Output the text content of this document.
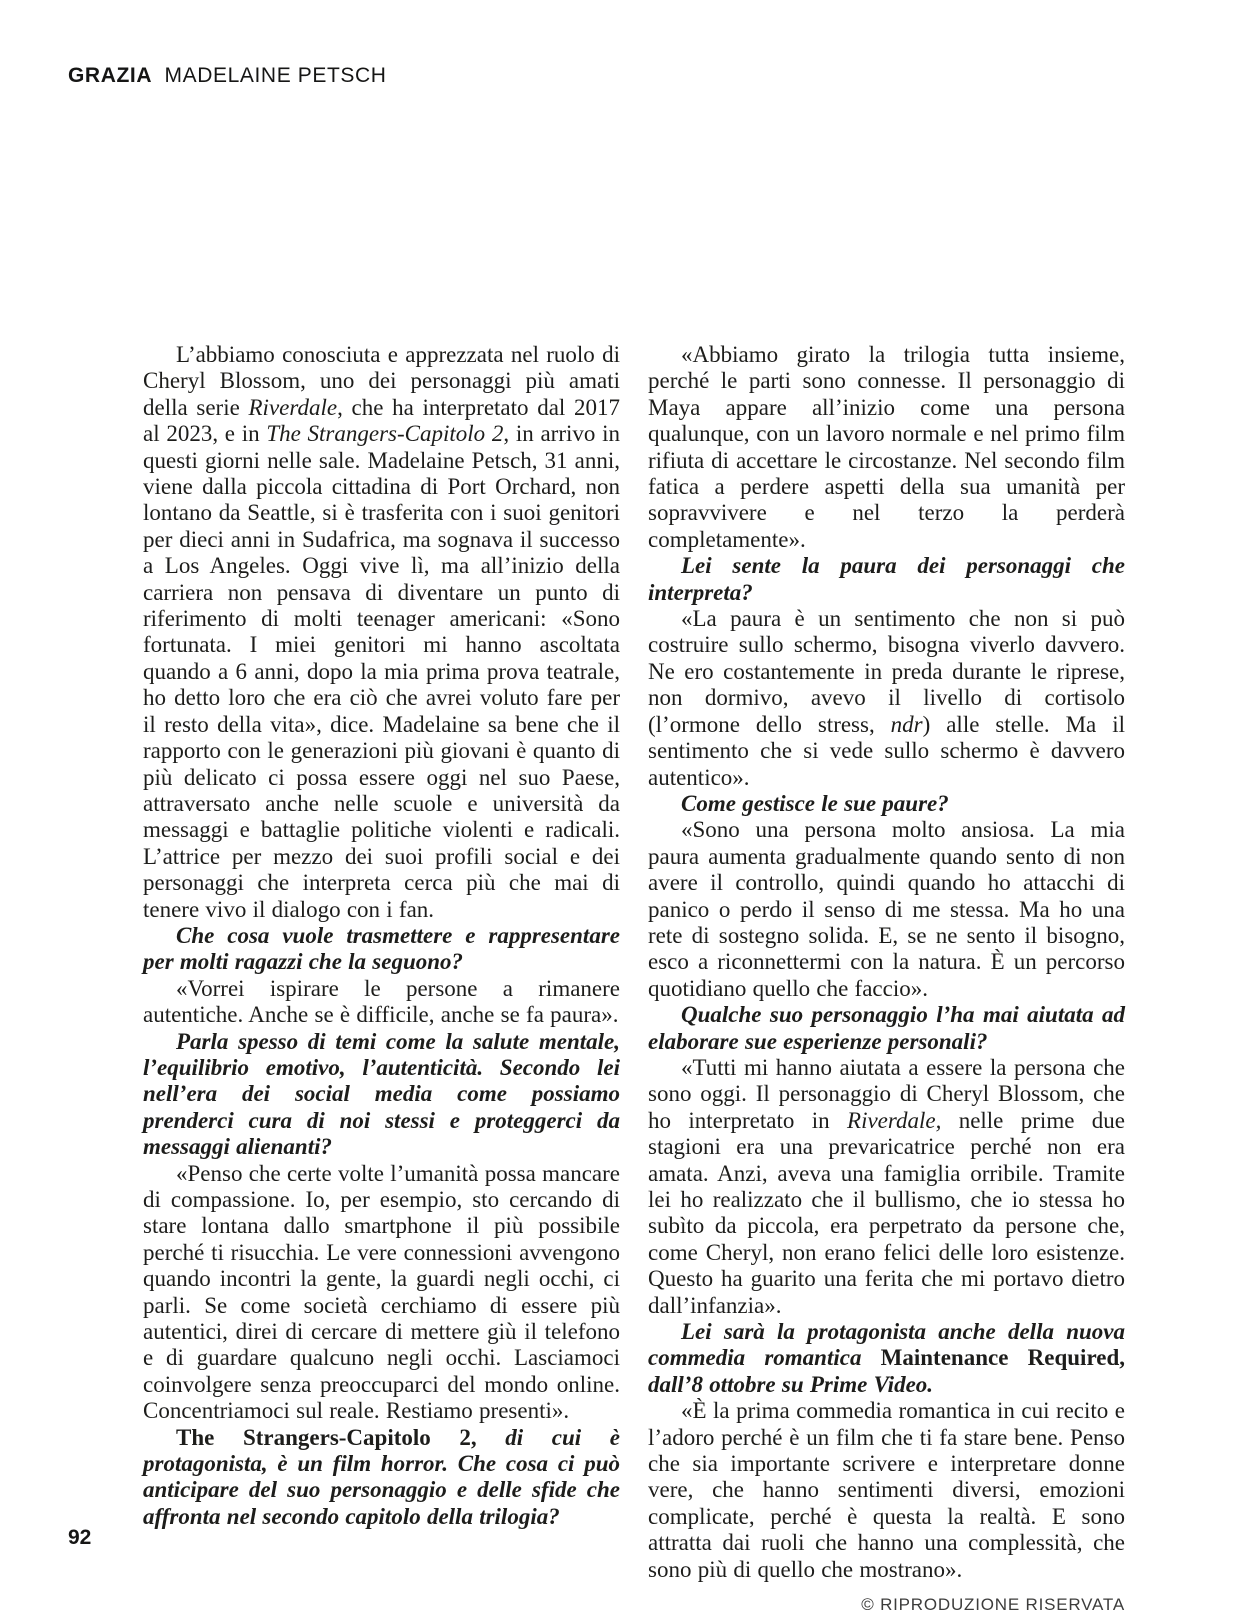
GRAZIA MADELAINE PETSCH

L’abbiamo conosciuta e apprezzata nel ruolo di Cheryl Blossom, uno dei personaggi più amati della serie Riverdale, che ha interpretato dal 2017 al 2023, e in The Strangers-Capitolo 2, in arrivo in questi giorni nelle sale. Madelaine Petsch, 31 anni, viene dalla piccola cittadina di Port Orchard, non lontano da Seattle, si è trasferita con i suoi genitori per dieci anni in Sudafrica, ma sognava il successo a Los Angeles. Oggi vive lì, ma all’inizio della carriera non pensava di diventare un punto di riferimento di molti teenager americani: «Sono fortunata. I miei genitori mi hanno ascoltata quando a 6 anni, dopo la mia prima prova teatrale, ho detto loro che era ciò che avrei voluto fare per il resto della vita», dice. Madelaine sa bene che il rapporto con le generazioni più giovani è quanto di più delicato ci possa essere oggi nel suo Paese, attraversato anche nelle scuole e università da messaggi e battaglie politiche violenti e radicali. L’attrice per mezzo dei suoi profili social e dei personaggi che interpreta cerca più che mai di tenere vivo il dialogo con i fan.

Che cosa vuole trasmettere e rappresentare per molti ragazzi che la seguono?

«Vorrei ispirare le persone a rimanere autentiche. Anche se è difficile, anche se fa paura».

Parla spesso di temi come la salute mentale, l’equilibrio emotivo, l’autenticità. Secondo lei nell’era dei social media come possiamo prenderci cura di noi stessi e proteggerci da messaggi alienanti?

«Penso che certe volte l’umanità possa mancare di compassione. Io, per esempio, sto cercando di stare lontana dallo smartphone il più possibile perché ti risucchia. Le vere connessioni avvengono quando incontri la gente, la guardi negli occhi, ci parli. Se come società cerchiamo di essere più autentici, direi di cercare di mettere giù il telefono e di guardare qualcuno negli occhi. Lasciamoci coinvolgere senza preoccuparci del mondo online. Concentriamoci sul reale. Restiamo presenti».

The Strangers-Capitolo 2, di cui è protagonista, è un film horror. Che cosa ci può anticipare del suo personaggio e delle sfide che affronta nel secondo capitolo della trilogia?

«Abbiamo girato la trilogia tutta insieme, perché le parti sono connesse. Il personaggio di Maya appare all’inizio come una persona qualunque, con un lavoro normale e nel primo film rifiuta di accettare le circostanze. Nel secondo film fatica a perdere aspetti della sua umanità per sopravvivere e nel terzo la perderà completamente».

Lei sente la paura dei personaggi che interpreta?

«La paura è un sentimento che non si può costruire sullo schermo, bisogna viverlo davvero. Ne ero costantemente in preda durante le riprese, non dormivo, avevo il livello di cortisolo (l’ormone dello stress, ndr) alle stelle. Ma il sentimento che si vede sullo schermo è davvero autentico».

Come gestisce le sue paure?

«Sono una persona molto ansiosa. La mia paura aumenta gradualmente quando sento di non avere il controllo, quindi quando ho attacchi di panico o perdo il senso di me stessa. Ma ho una rete di sostegno solida. E, se ne sento il bisogno, esco a riconnettermi con la natura. È un percorso quotidiano quello che faccio».

Qualche suo personaggio l’ha mai aiutata ad elaborare sue esperienze personali?

«Tutti mi hanno aiutata a essere la persona che sono oggi. Il personaggio di Cheryl Blossom, che ho interpretato in Riverdale, nelle prime due stagioni era una prevaricatrice perché non era amata. Anzi, aveva una famiglia orribile. Tramite lei ho realizzato che il bullismo, che io stessa ho subìto da piccola, era perpetrato da persone che, come Cheryl, non erano felici delle loro esistenze. Questo ha guarito una ferita che mi portavo dietro dall’infanzia».

Lei sarà la protagonista anche della nuova commedia romantica Maintenance Required, dall’8 ottobre su Prime Video.

«È la prima commedia romantica in cui recito e l’adoro perché è un film che ti fa stare bene. Penso che sia importante scrivere e interpretare donne vere, che hanno sentimenti diversi, emozioni complicate, perché è questa la realtà. E sono attratta dai ruoli che hanno una complessità, che sono più di quello che mostrano».

© RIPRODUZIONE RISERVATA
92
